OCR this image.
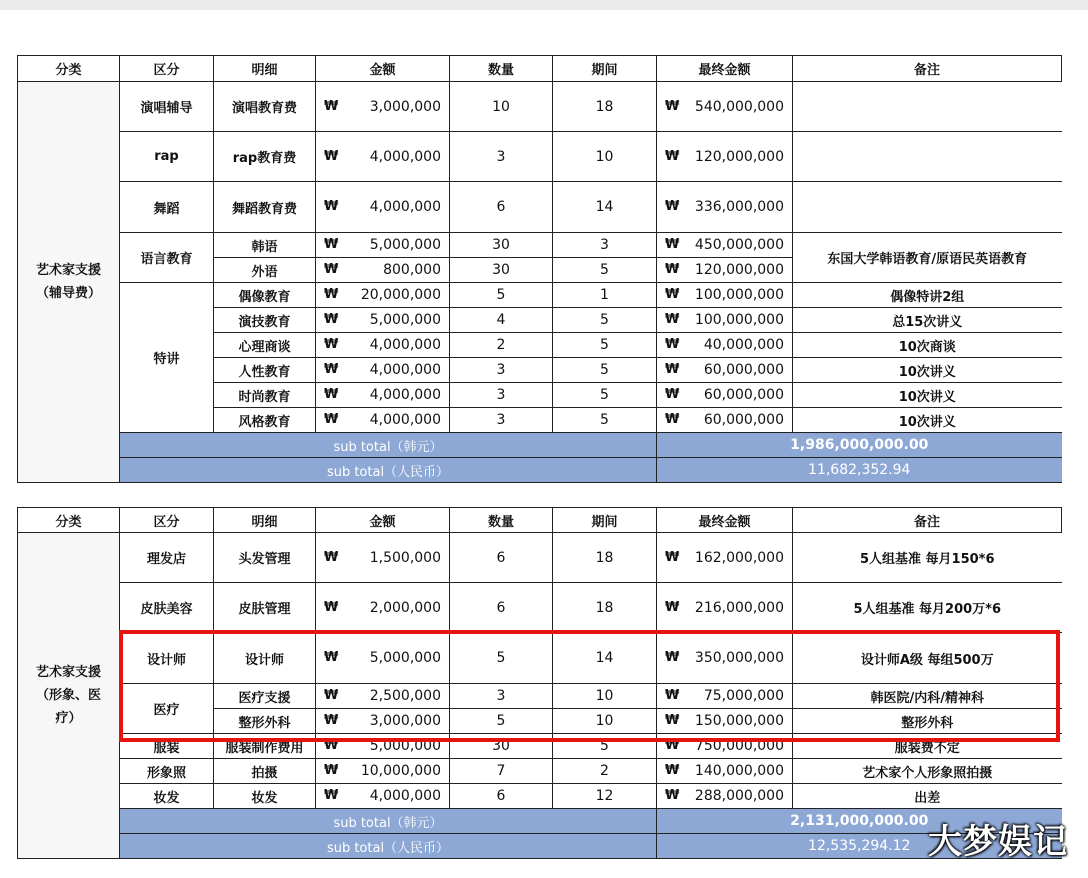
分类	区分	明细	金额	数量	期间	最终金额	备注
艺术家支援（辅导费）	演唱辅导	演唱教育费	₩ 3,000,000	10	18	₩ 540,000,000	

	rap	rap教育费	₩ 4,000,000	3	10	₩ 120,000,000	

	舞蹈	舞蹈教育费	₩ 4,000,000	6	14	₩ 336,000,000	

	语言教育	韩语	₩ 5,000,000	30	3	₩ 450,000,000	东国大学韩语教育/原语民英语教育
		外语	₩ 800,000	30	5	₩ 120,000,000	

	特讲	偶像教育	₩ 20,000,000	5	1	₩ 100,000,000	偶像特讲2组
		演技教育	₩ 5,000,000	4	5	₩ 100,000,000	总15次讲义
		心理商谈	₩ 4,000,000	2	5	₩ 40,000,000	10次商谈
		人性教育	₩ 4,000,000	3	5	₩ 60,000,000	10次讲义
		时尚教育	₩ 4,000,000	3	5	₩ 60,000,000	10次讲义
		风格教育	₩ 4,000,000	3	5	₩ 60,000,000	10次讲义
	sub total（韩元）					1,986,000,000.00	
	sub total（人民币）					11,682,352.94	
分类	区分	明细	金额	数量	期间	最终金额	备注
艺术家支援（形象、医疗）	理发店	头发管理	₩ 1,500,000	6	18	₩ 162,000,000	5人组基准 每月150*6
	皮肤美容	皮肤管理	₩ 2,000,000	6	18	₩ 216,000,000	5人组基准 每月200万*6
	设计师	设计师	₩ 5,000,000	5	14	₩ 350,000,000	设计师A级 每组500万
	医疗	医疗支援	₩ 2,500,000	3	10	₩ 75,000,000	韩医院/内科/精神科
		整形外科	₩ 3,000,000	5	10	₩ 150,000,000	整形外科
	服装	服装制作费用	₩ 5,000,000	30	5	₩ 750,000,000	服装费不定
	形象照	拍摄	₩ 10,000,000	7	2	₩ 140,000,000	艺术家个人形象照拍摄
	妆发	妆发	₩ 4,000,000	6	12	₩ 288,000,000	出差
	sub total（韩元）					2,131,000,000.00	
	sub total（人民币）					12,535,294.12	大梦娱记
